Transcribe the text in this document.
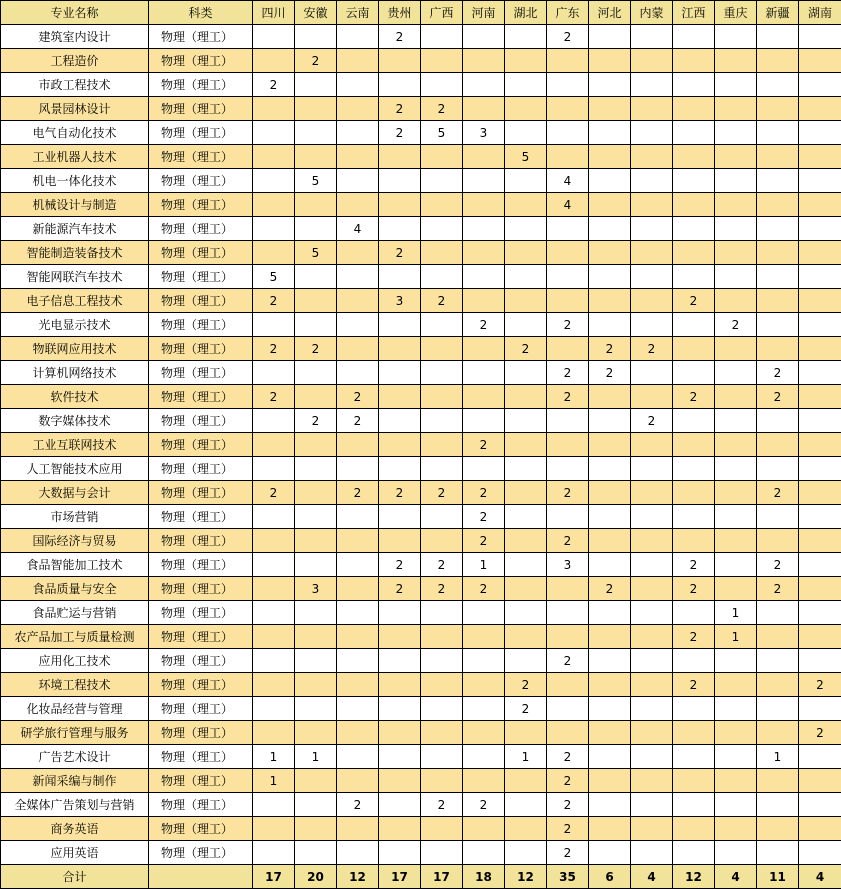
专业名称	科类	四川	安徽	云南	贵州	广西	河南	湖北	广东	河北	内蒙	江西	重庆	新疆	湖南
建筑室内设计	物理（理工）				2				2						
工程造价	物理（理工）		2												
市政工程技术	物理（理工）	2													
风景园林设计	物理（理工）				2	2									
电气自动化技术	物理（理工）				2	5	3								
工业机器人技术	物理（理工）							5							
机电一体化技术	物理（理工）		5						4						
机械设计与制造	物理（理工）								4						
新能源汽车技术	物理（理工）			4											
智能制造装备技术	物理（理工）		5		2										
智能网联汽车技术	物理（理工）	5													
电子信息工程技术	物理（理工）	2			3	2						2			
光电显示技术	物理（理工）						2		2				2		
物联网应用技术	物理（理工）	2	2					2		2	2				
计算机网络技术	物理（理工）								2	2				2	
软件技术	物理（理工）	2		2					2			2		2	
数字媒体技术	物理（理工）		2	2							2				
工业互联网技术	物理（理工）						2								
人工智能技术应用	物理（理工）														
大数据与会计	物理（理工）	2		2	2	2	2		2					2	
市场营销	物理（理工）						2								
国际经济与贸易	物理（理工）						2		2						
食品智能加工技术	物理（理工）				2	2	1		3			2		2	
食品质量与安全	物理（理工）		3		2	2	2			2		2		2	
食品贮运与营销	物理（理工）												1		
农产品加工与质量检测	物理（理工）											2	1		
应用化工技术	物理（理工）								2						
环境工程技术	物理（理工）							2				2			2
化妆品经营与管理	物理（理工）							2							
研学旅行管理与服务	物理（理工）														2
广告艺术设计	物理（理工）	1	1					1	2					1	
新闻采编与制作	物理（理工）	1							2						
全媒体广告策划与营销	物理（理工）			2		2	2		2						
商务英语	物理（理工）								2						
应用英语	物理（理工）								2						
合计		17	20	12	17	17	18	12	35	6	4	12	4	11	4
